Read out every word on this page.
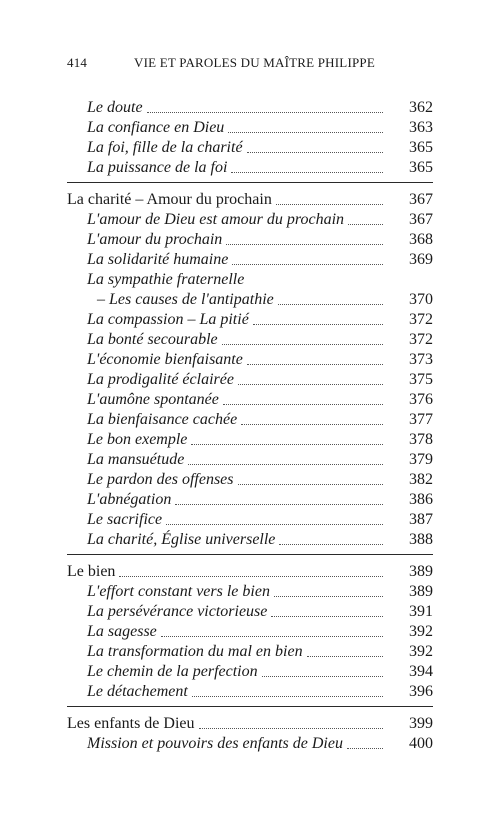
414	VIE ET PAROLES DU MAÎTRE PHILIPPE
Le doute	362
La confiance en Dieu	363
La foi, fille de la charité	365
La puissance de la foi	365
La charité – Amour du prochain	367
L'amour de Dieu est amour du prochain	367
L'amour du prochain	368
La solidarité humaine	369
La sympathie fraternelle
– Les causes de l'antipathie	370
La compassion – La pitié	372
La bonté secourable	372
L'économie bienfaisante	373
La prodigalité éclairée	375
L'aumône spontanée	376
La bienfaisance cachée	377
Le bon exemple	378
La mansuétude	379
Le pardon des offenses	382
L'abnégation	386
Le sacrifice	387
La charité, Église universelle	388
Le bien	389
L'effort constant vers le bien	389
La persévérance victorieuse	391
La sagesse	392
La transformation du mal en bien	392
Le chemin de la perfection	394
Le détachement	396
Les enfants de Dieu	399
Mission et pouvoirs des enfants de Dieu	400
